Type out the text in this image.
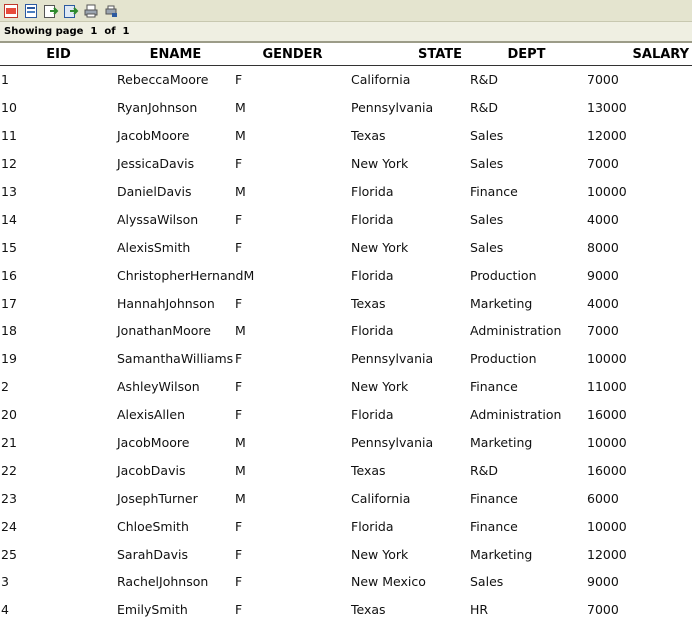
Showing page  1  of  1
EID	ENAME	GENDER	STATE	DEPT	SALARY
1	RebeccaMoore	F	California	R&D	7000
10	RyanJohnson	M	Pennsylvania	R&D	13000
11	JacobMoore	M	Texas	Sales	12000
12	JessicaDavis	F	New York	Sales	7000
13	DanielDavis	M	Florida	Finance	10000
14	AlyssaWilson	F	Florida	Sales	4000
15	AlexisSmith	F	New York	Sales	8000
16	ChristopherHernandM		Florida	Production	9000
17	HannahJohnson	F	Texas	Marketing	4000
18	JonathanMoore	M	Florida	Administration	7000
19	SamanthaWilliams	F	Pennsylvania	Production	10000
2	AshleyWilson	F	New York	Finance	11000
20	AlexisAllen	F	Florida	Administration	16000
21	JacobMoore	M	Pennsylvania	Marketing	10000
22	JacobDavis	M	Texas	R&D	16000
23	JosephTurner	M	California	Finance	6000
24	ChloeSmith	F	Florida	Finance	10000
25	SarahDavis	F	New York	Marketing	12000
3	RachelJohnson	F	New Mexico	Sales	9000
4	EmilySmith	F	Texas	HR	7000
